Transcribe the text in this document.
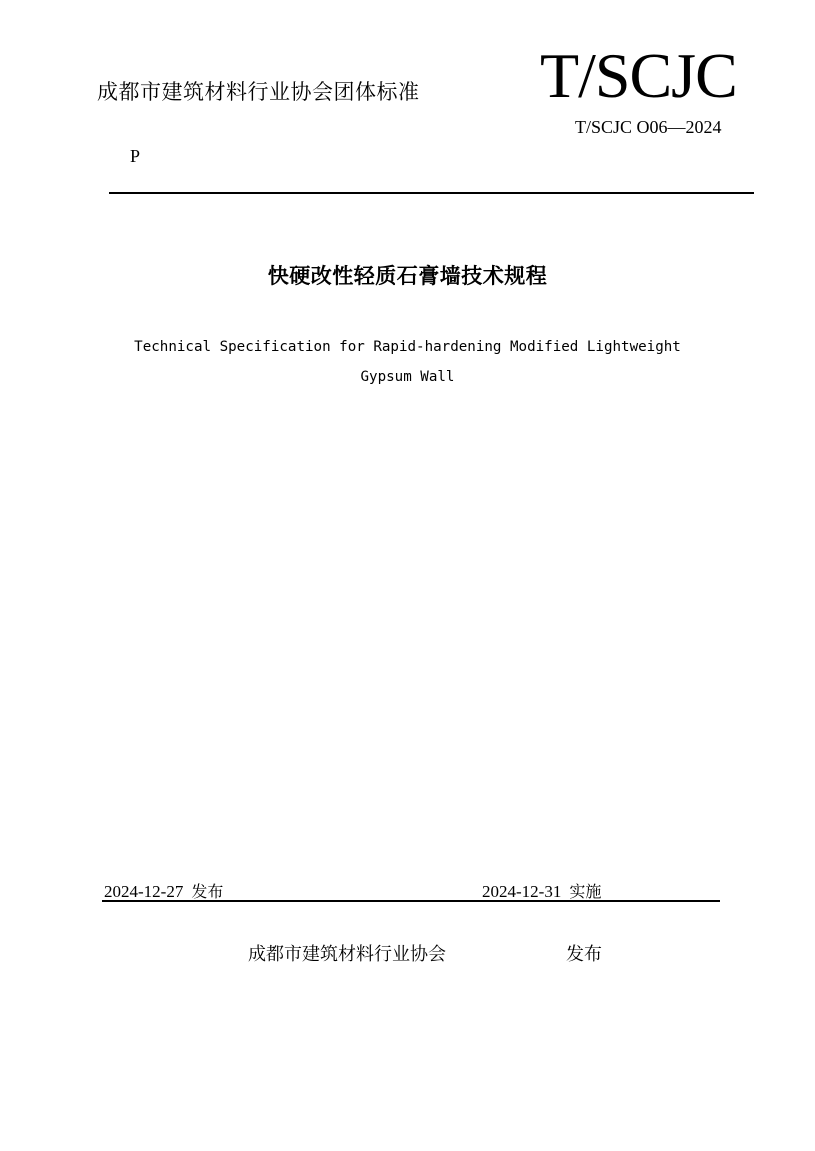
成都市建筑材料行业协会团体标准 T/SCJC
T/SCJC O06—2024
P
快硬改性轻质石膏墙技术规程
Technical Specification for Rapid-hardening Modified Lightweight
Gypsum Wall
2024-12-27 发布	2024-12-31 实施
成都市建筑材料行业协会	发布
